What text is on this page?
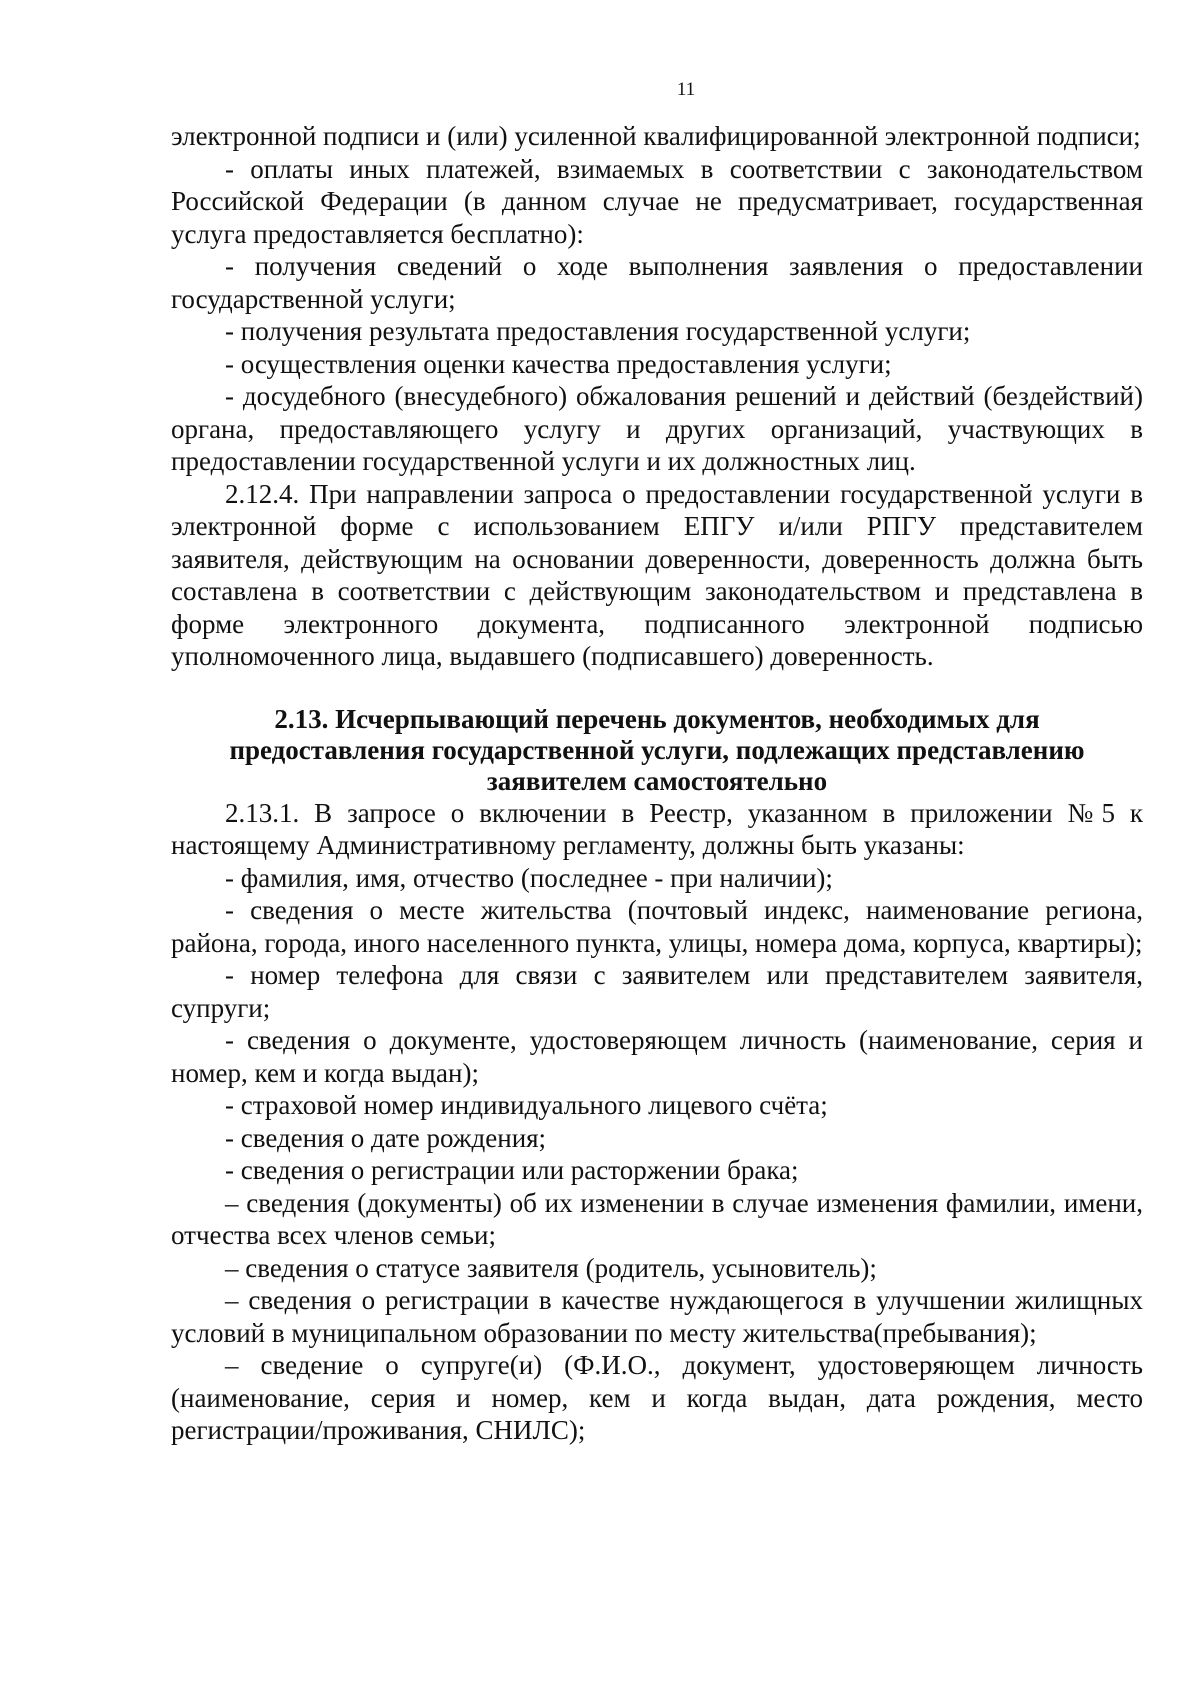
11

электронной подписи и (или) усиленной квалифицированной электронной подписи;

- оплаты иных платежей, взимаемых в соответствии с законодательством Российской Федерации (в данном случае не предусматривает, государственная услуга предоставляется бесплатно):

- получения сведений о ходе выполнения заявления о предоставлении государственной услуги;

- получения результата предоставления государственной услуги;

- осуществления оценки качества предоставления услуги;

- досудебного (внесудебного) обжалования решений и действий (бездействий) органа, предоставляющего услугу и других организаций, участвующих в предоставлении государственной услуги и их должностных лиц.

2.12.4. При направлении запроса о предоставлении государственной услуги в электронной форме с использованием ЕПГУ и/или РПГУ представителем заявителя, действующим на основании доверенности, доверенность должна быть составлена в соответствии с действующим законодательством и представлена в форме электронного документа, подписанного электронной подписью уполномоченного лица, выдавшего (подписавшего) доверенность.

2.13. Исчерпывающий перечень документов, необходимых для
предоставления государственной услуги, подлежащих представлению
заявителем самостоятельно

2.13.1. В запросе о включении в Реестр, указанном в приложении №5 к настоящему Административному регламенту, должны быть указаны:

- фамилия, имя, отчество (последнее - при наличии);

- сведения о месте жительства (почтовый индекс, наименование региона, района, города, иного населенного пункта, улицы, номера дома, корпуса, квартиры);

- номер телефона для связи с заявителем или представителем заявителя, супруги;

- сведения о документе, удостоверяющем личность (наименование, серия и номер, кем и когда выдан);

- страховой номер индивидуального лицевого счёта;

- сведения о дате рождения;

- сведения о регистрации или расторжении брака;

– сведения (документы) об их изменении в случае изменения фамилии, имени, отчества всех членов семьи;

– сведения о статусе заявителя (родитель, усыновитель);

– сведения о регистрации в качестве нуждающегося в улучшении жилищных условий в муниципальном образовании по месту жительства(пребывания);

– сведение о супруге(и) (Ф.И.О., документ, удостоверяющем личность (наименование, серия и номер, кем и когда выдан, дата рождения, место регистрации/проживания, СНИЛС);
